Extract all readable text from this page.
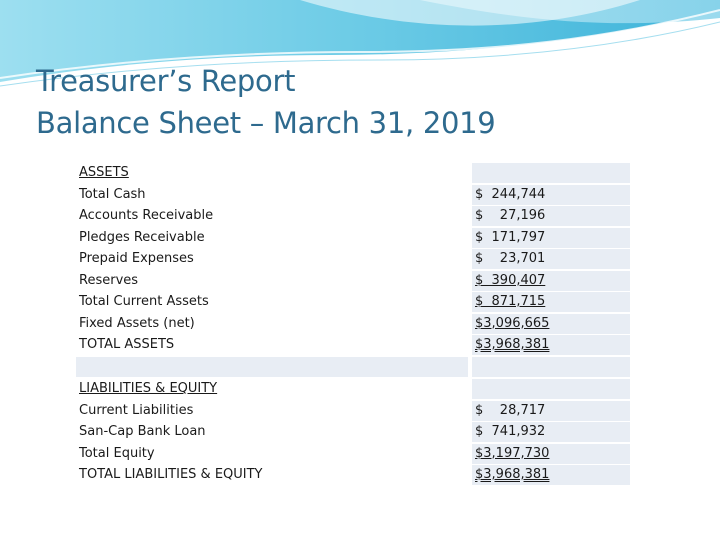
Treasurer’s Report
Balance Sheet – March 31, 2019
ASSETS
Total Cash	$  244,744
Accounts Receivable	$    27,196
Pledges Receivable	$  171,797
Prepaid Expenses	$    23,701
Reserves	$  390,407
Total Current Assets	$  871,715
Fixed Assets (net)	$3,096,665
TOTAL ASSETS	$3,968,381
LIABILITIES & EQUITY
Current Liabilities	$    28,717
San-Cap Bank Loan	$  741,932
Total Equity	$3,197,730
TOTAL LIABILITIES & EQUITY	$3,968,381
